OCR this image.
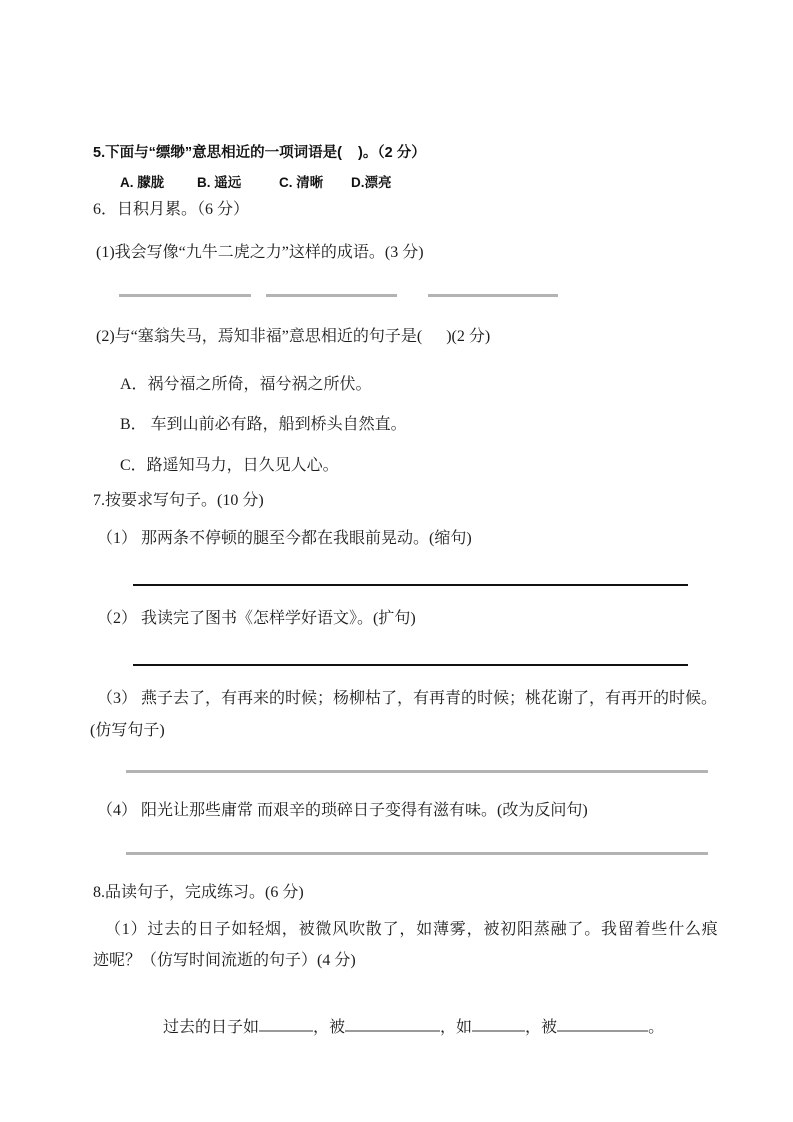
5.下面与“缥缈”意思相近的一项词语是(    )。（2 分）
A. 朦胧 B. 遥远	C. 清晰 D.漂亮
6．日积月累。（6 分）
(1)我会写像“九牛二虎之力”这样的成语。(3 分)
(2)与“塞翁失马，焉知非福”意思相近的句子是(      )(2 分)
A．祸兮福之所倚，福兮祸之所伏。
B． 车到山前必有路，船到桥头自然直。
C．路遥知马力，日久见人心。
7.按要求写句子。(10 分)
（1） 那两条不停顿的腿至今都在我眼前晃动。(缩句)
（2） 我读完了图书《怎样学好语文》。(扩句)
（3） 燕子去了，有再来的时候；杨柳枯了，有再青的时候；桃花谢了，有再开的时候。
(仿写句子)
（4） 阳光让那些庸常 而艰辛的琐碎日子变得有滋有味。(改为反问句)
8.品读句子，完成练习。(6 分)
（1）过去的日子如轻烟，被微风吹散了，如薄雾，被初阳蒸融了。我留着些什么痕
迹呢？（仿写时间流逝的句子）(4 分)

过去的日子如	，被	，如	，被	。
